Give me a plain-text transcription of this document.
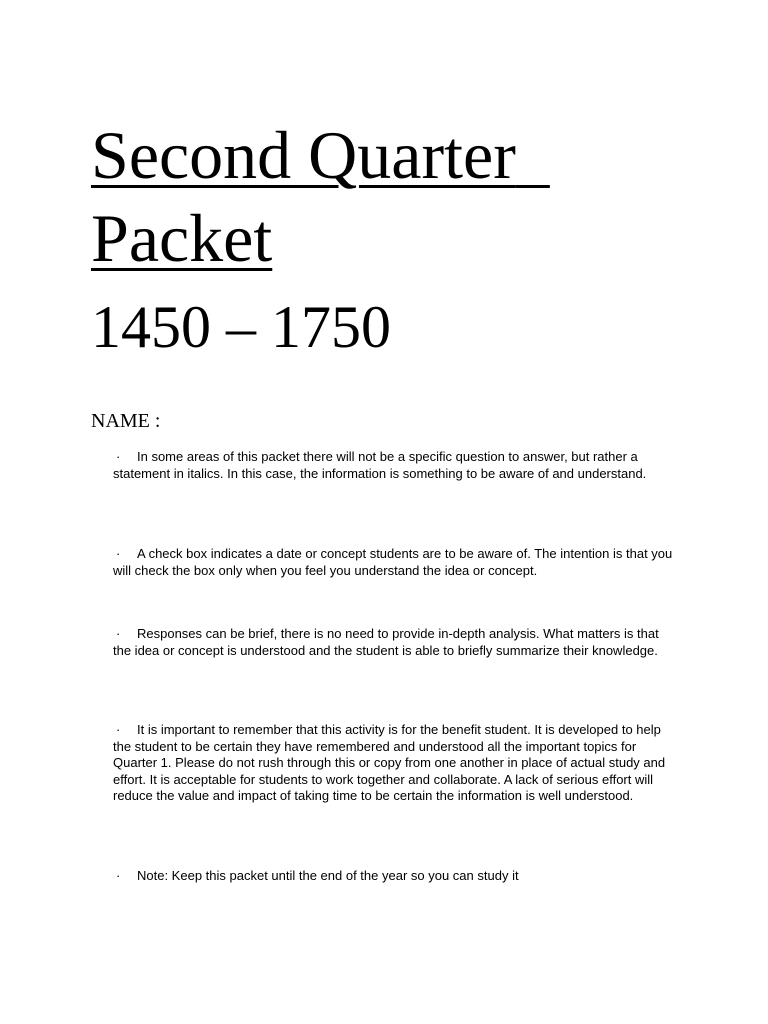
Second Quarter  Packet
1450 – 1750
NAME :

· In some areas of this packet there will not be a specific question to answer, but rather a statement in italics. In this case, the information is something to be aware of and understand.

· A check box indicates a date or concept students are to be aware of. The intention is that you will check the box only when you feel you understand the idea or concept.

· Responses can be brief, there is no need to provide in-depth analysis. What matters is that the idea or concept is understood and the student is able to briefly summarize their knowledge.

· It is important to remember that this activity is for the benefit student. It is developed to help the student to be certain they have remembered and understood all the important topics for Quarter 1. Please do not rush through this or copy from one another in place of actual study and effort. It is acceptable for students to work together and collaborate. A lack of serious effort will reduce the value and impact of taking time to be certain the information is well understood.

· Note: Keep this packet until the end of the year so you can study it
